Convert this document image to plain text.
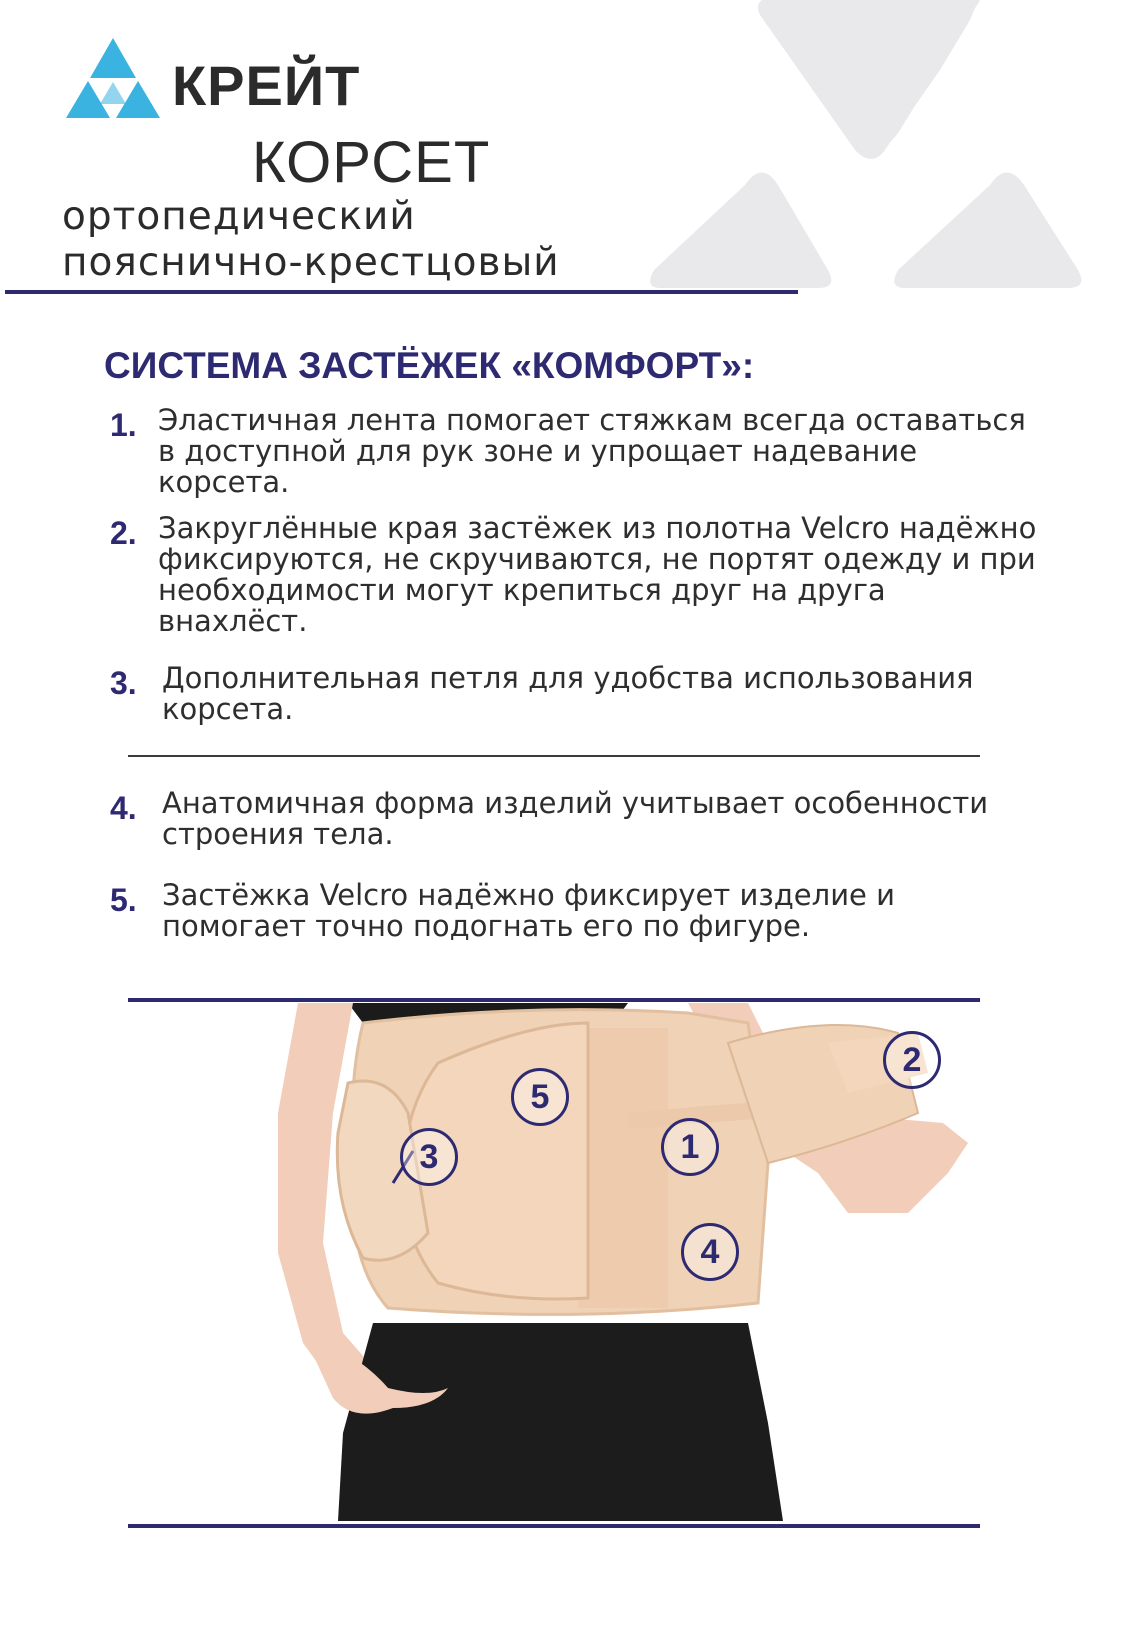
КРЕЙТ
КОРСЕТ
ортопедический
пояснично-крестцовый
СИСТЕМА ЗАСТЁЖЕК «КОМФОРТ»:
1. Эластичная лента помогает стяжкам всегда оставаться в доступной для рук зоне и упрощает надевание корсета.
2. Закруглённые края застёжек из полотна Velcro надёжно фиксируются, не скручиваются, не портят одежду и при необходимости могут крепиться друг на друга внахлёст.
3. Дополнительная петля для удобства использования корсета.
4. Анатомичная форма изделий учитывает особенности строения тела.
5. Застёжка Velcro надёжно фиксирует изделие и помогает точно подогнать его по фигуре.
1
2
3
4
5
